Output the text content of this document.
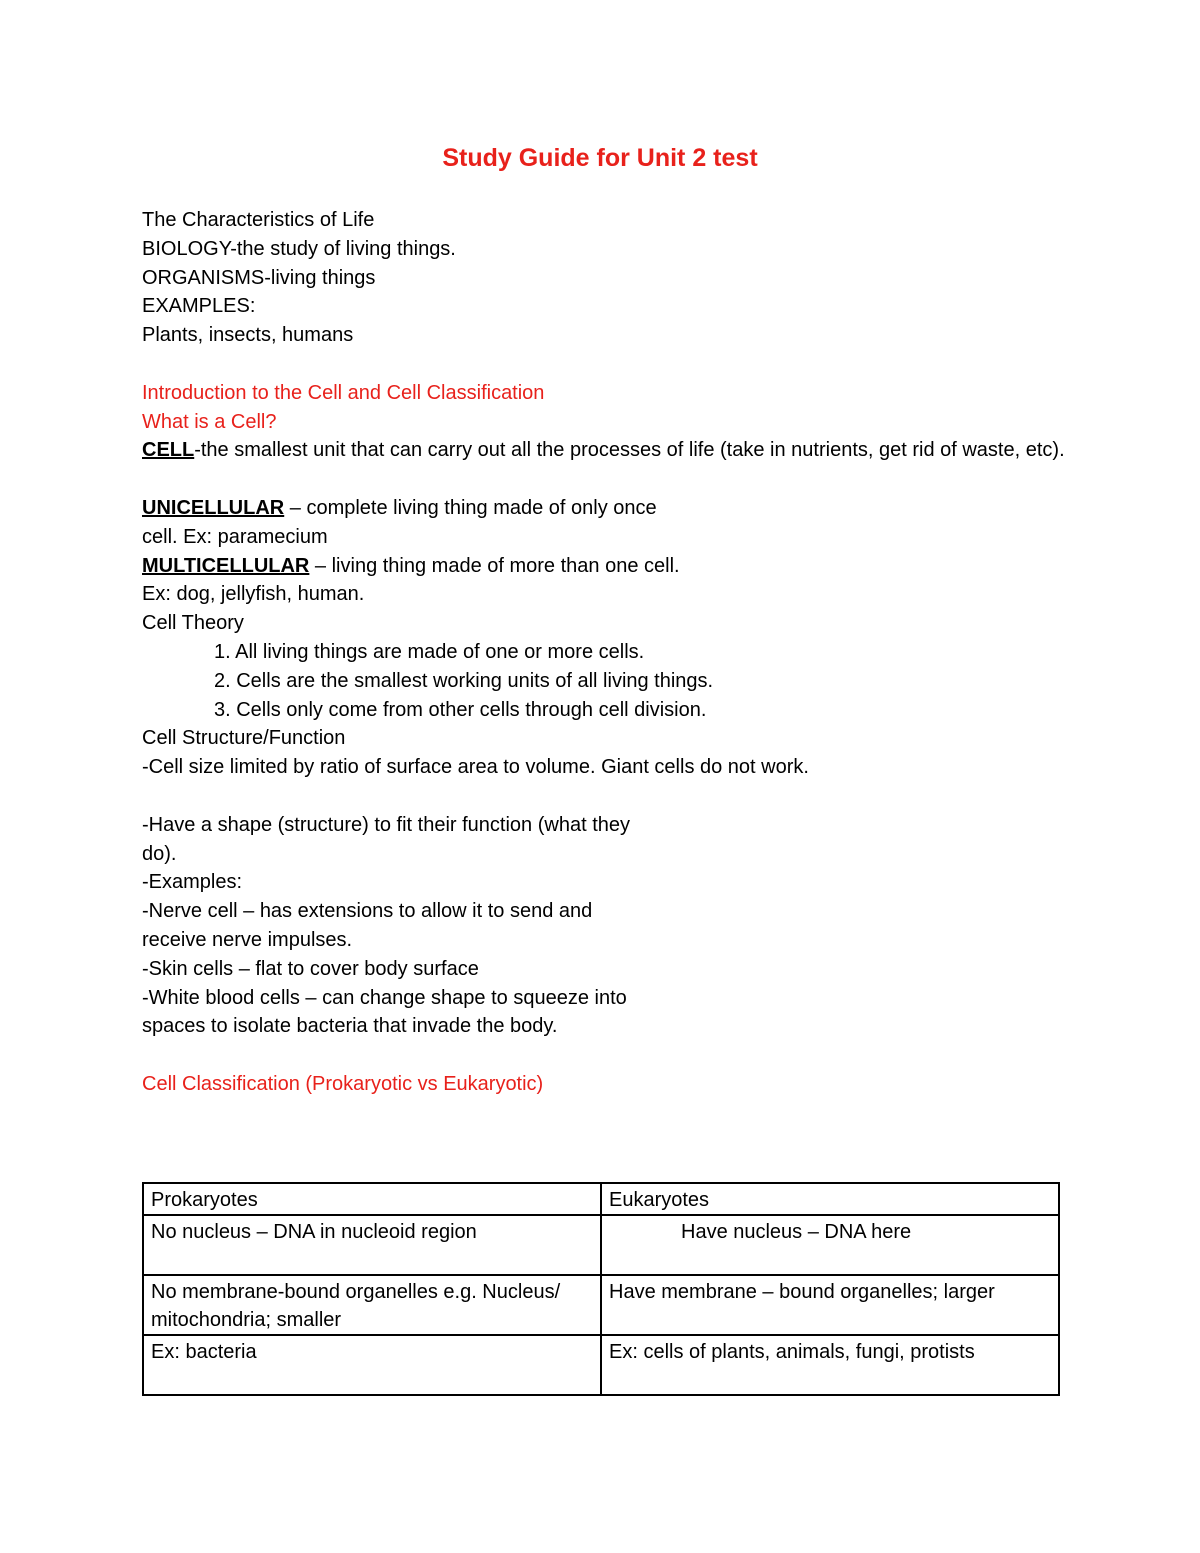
Study Guide for Unit 2 test
The Characteristics of Life
BIOLOGY-the study of living things.
ORGANISMS-living things
EXAMPLES:
Plants, insects, humans
Introduction to the Cell and Cell Classification
What is a Cell?
CELL-the smallest unit that can carry out all the processes of life (take in nutrients, get rid of waste, etc).
UNICELLULAR – complete living thing made of only once
cell. Ex: paramecium
MULTICELLULAR – living thing made of more than one cell.
Ex: dog, jellyfish, human.
Cell Theory
1. All living things are made of one or more cells.
2. Cells are the smallest working units of all living things.
3. Cells only come from other cells through cell division.
Cell Structure/Function
-Cell size limited by ratio of surface area to volume. Giant cells do not work.
-Have a shape (structure) to fit their function (what they
do).
-Examples:
-Nerve cell – has extensions to allow it to send and
receive nerve impulses.
-Skin cells – flat to cover body surface
-White blood cells – can change shape to squeeze into
spaces to isolate bacteria that invade the body.
Cell Classification (Prokaryotic vs Eukaryotic)
Prokaryotes	Eukaryotes
No nucleus – DNA in nucleoid region	Have nucleus – DNA here
No membrane-bound organelles e.g. Nucleus/ mitochondria; smaller	Have membrane – bound organelles; larger
Ex: bacteria	Ex: cells of plants, animals, fungi, protists
